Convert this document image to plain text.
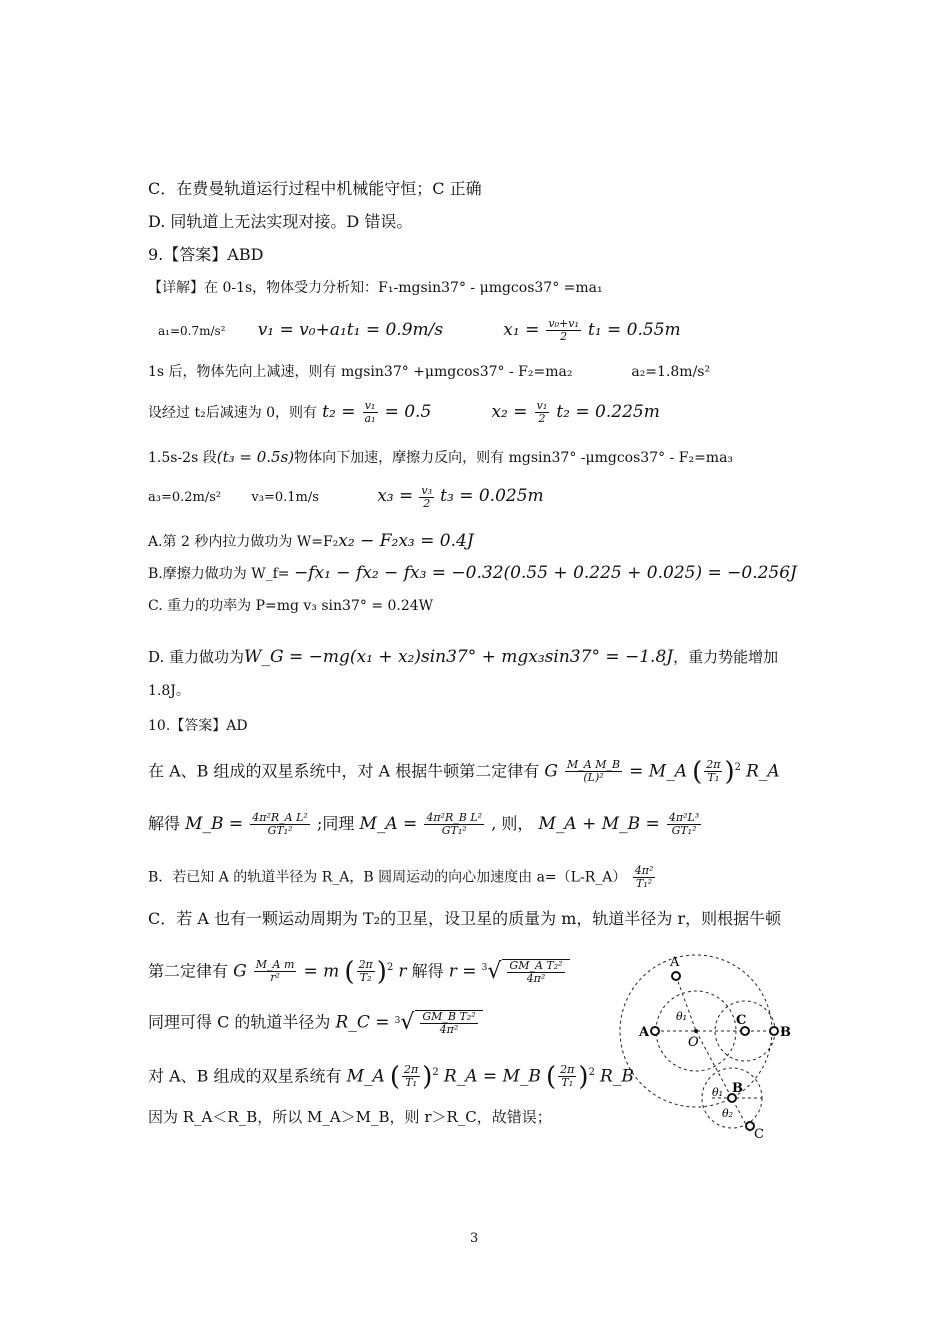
C．在费曼轨道运行过程中机械能守恒；C 正确
D. 同轨道上无法实现对接。D 错误。
9.【答案】ABD
【详解】在 0-1s，物体受力分析知：F₁-mgsin37° - μmgcos37° =ma₁
a₁=0.7m/s² v₁ = v₀+a₁t₁ = 0.9m/s	$x_1 = \frac{\text{v₀+v₁}}{2} t_1 = 0.55m$
1s 后，物体先向上减速，则有 mgsin37° +μmgcos37° - F₂=ma₂	a₂=1.8m/s²
设经过 t₂后减速为 0，则有 $t_2 = \frac{\text{v₁}}{\text{a₁}} = 0.5$	$x_2 = \frac{\text{v₁}}{2} t_2 = 0.225m$
1.5s-2s 段(t₃ = 0.5s)物体向下加速，摩擦力反向，则有 mgsin37° -μmgcos37° - F₂=ma₃
a₃=0.2m/s² v₃=0.1m/s	$x_3 = \frac{\text{v₃}}{2} t_3 = 0.025m$
A.第 2 秒内拉力做功为 W=F₂x₂ − F₂x₃ = 0.4J
B.摩擦力做功为 W_f= −fx₁ − fx₂ − fx₃ = −0.32(0.55 + 0.225 + 0.025) = −0.256J
C. 重力的功率为 P=mg v₃ sin37° = 0.24W
D. 重力做功为W_G = −mg(x₁ + x₂)sin37° + mgx₃sin37° = −1.8J，重力势能增加
1.8J。
10.【答案】AD
在 A、B 组成的双星系统中，对 A 根据牛顿第二定律有 G $\frac{\text{M\_A M\_B}}{\text{(L)²}}$ = M_A ( $\frac{2\pi}{\text{T₁}} )^2$ R_A
解得 M_B = $\frac{\text{4π²R\_A L²}}{\text{GT₁²}}$ ;同理 M_A = $\frac{\text{4π²R\_B L²}}{\text{GT₁²}}$ , 则， M_A + M_B = $\frac{\text{4π²L³}}{\text{GT₁²}}$
B．若已知 A 的轨道半径为 R_A，B 圆周运动的向心加速度由 a=（L-R_A） $\frac{\text{4π²}}{\text{T₁²}}$
C．若 A 也有一颗运动周期为 T₂的卫星，设卫星的质量为 m，轨道半径为 r，则根据牛顿
第二定律有 G $\frac{\text{M\_A m}}{\text{r²}} = m$ ( $\frac{2\pi}{\text{T₂}} )^2$ r 解得 $r = ^3√ \frac{\text{GM\_A T₂²}}{\text{4π²}}$
同理可得 C 的轨道半径为 R_C = $^3√ \frac{\text{GM\_B T₂²}}{\text{4π²}}$
对 A、B 组成的双星系统有 M_A ( $\frac{2\pi}{\text{T₁}} )^2$ R_A = M_B ( $\frac{2\pi}{\text{T₁}} )^2$ R_B
因为 R_A＜R_B，所以 M_A＞M_B，则 r＞R_C，故错误；
A
A
C
B
O
θ₁
B
θ₁
θ₂
C
3
